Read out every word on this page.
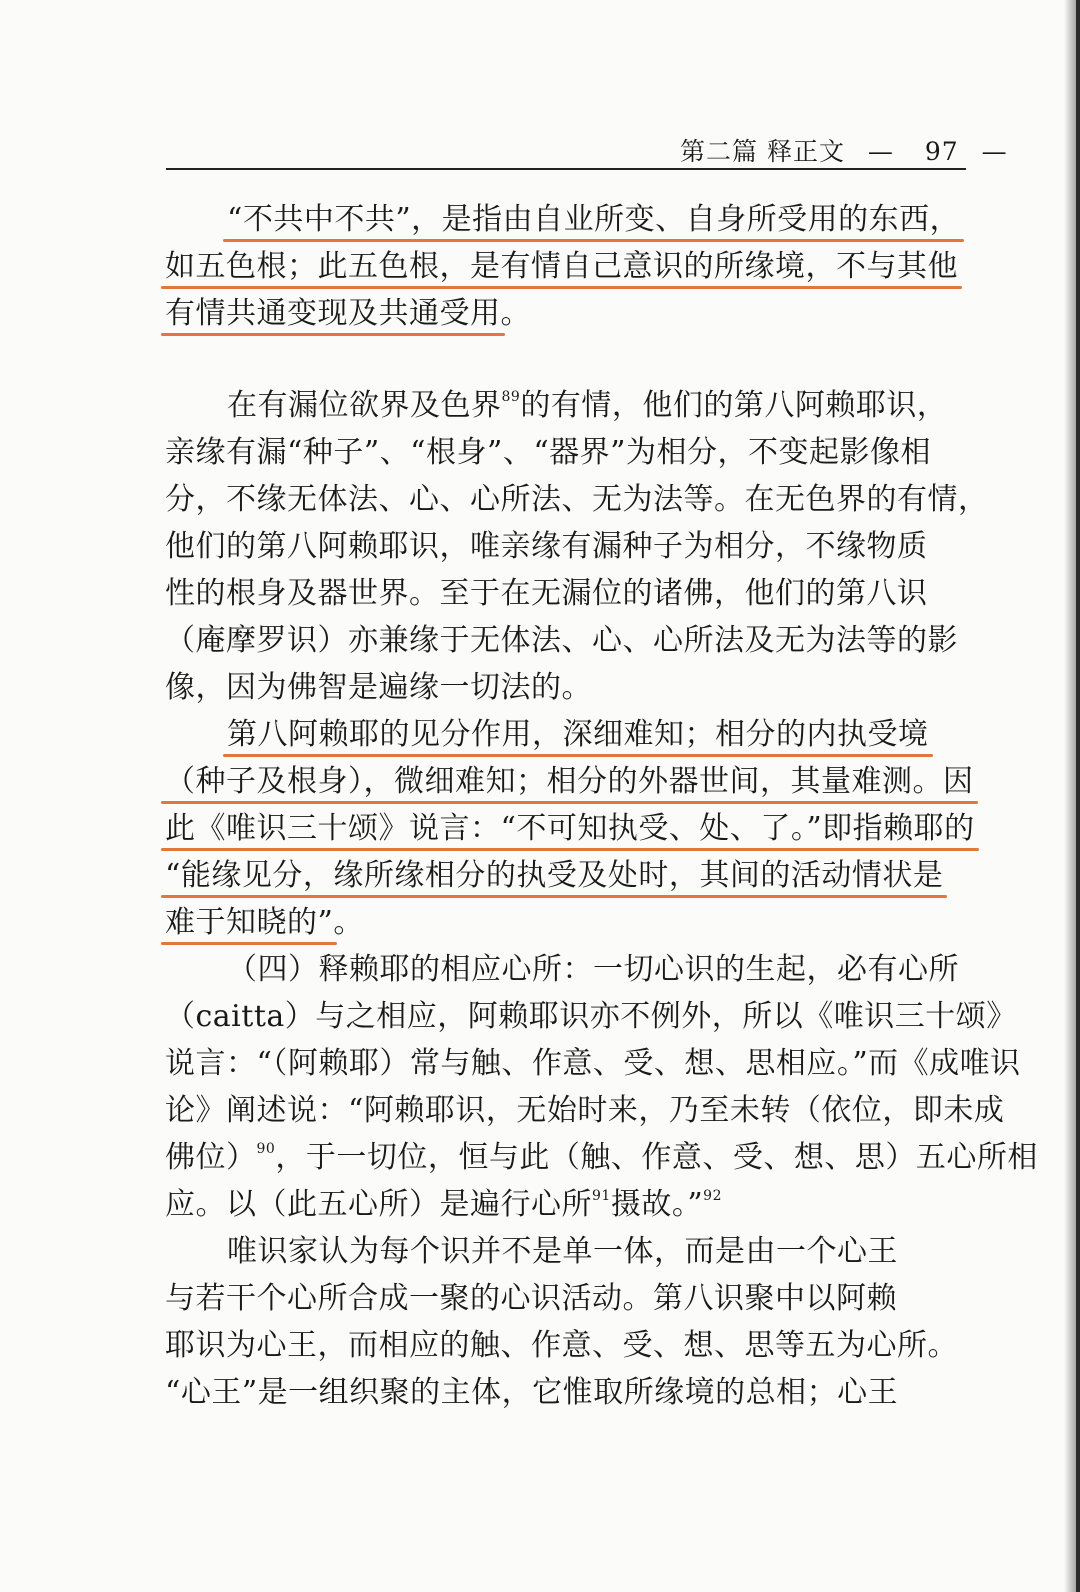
第二篇 释正文 — 97 —
“不共中不共”，是指由自业所变、自身所受用的东西，
如五色根；此五色根，是有情自己意识的所缘境，不与其他
有情共通变现及共通受用。
在有漏位欲界及色界$^{89}$的有情，他们的第八阿赖耶识，
亲缘有漏“种子”、“根身”、“器界”为相分，不变起影像相
分，不缘无体法、心、心所法、无为法等。在无色界的有情，
他们的第八阿赖耶识，唯亲缘有漏种子为相分，不缘物质
性的根身及器世界。至于在无漏位的诸佛，他们的第八识
（庵摩罗识）亦兼缘于无体法、心、心所法及无为法等的影
像，因为佛智是遍缘一切法的。
第八阿赖耶的见分作用，深细难知；相分的内执受境
（种子及根身），微细难知；相分的外器世间，其量难测。因
此《唯识三十颂》说言：“不可知执受、处、了。”即指赖耶的
“能缘见分，缘所缘相分的执受及处时，其间的活动情状是
难于知晓的”。
（四）释赖耶的相应心所：一切心识的生起，必有心所
（caitta）与之相应，阿赖耶识亦不例外，所以《唯识三十颂》
说言：“（阿赖耶）常与触、作意、受、想、思相应。”而《成唯识
论》阐述说：“阿赖耶识，无始时来，乃至未转（依位，即未成
佛位）$^{90}$，于一切位，恒与此（触、作意、受、想、思）五心所相
应。以（此五心所）是遍行心所$^{91}$摄故。”$^{92}$
唯识家认为每个识并不是单一体，而是由一个心王
与若干个心所合成一聚的心识活动。第八识聚中以阿赖
耶识为心王，而相应的触、作意、受、想、思等五为心所。
“心王”是一组织聚的主体，它惟取所缘境的总相；心王
